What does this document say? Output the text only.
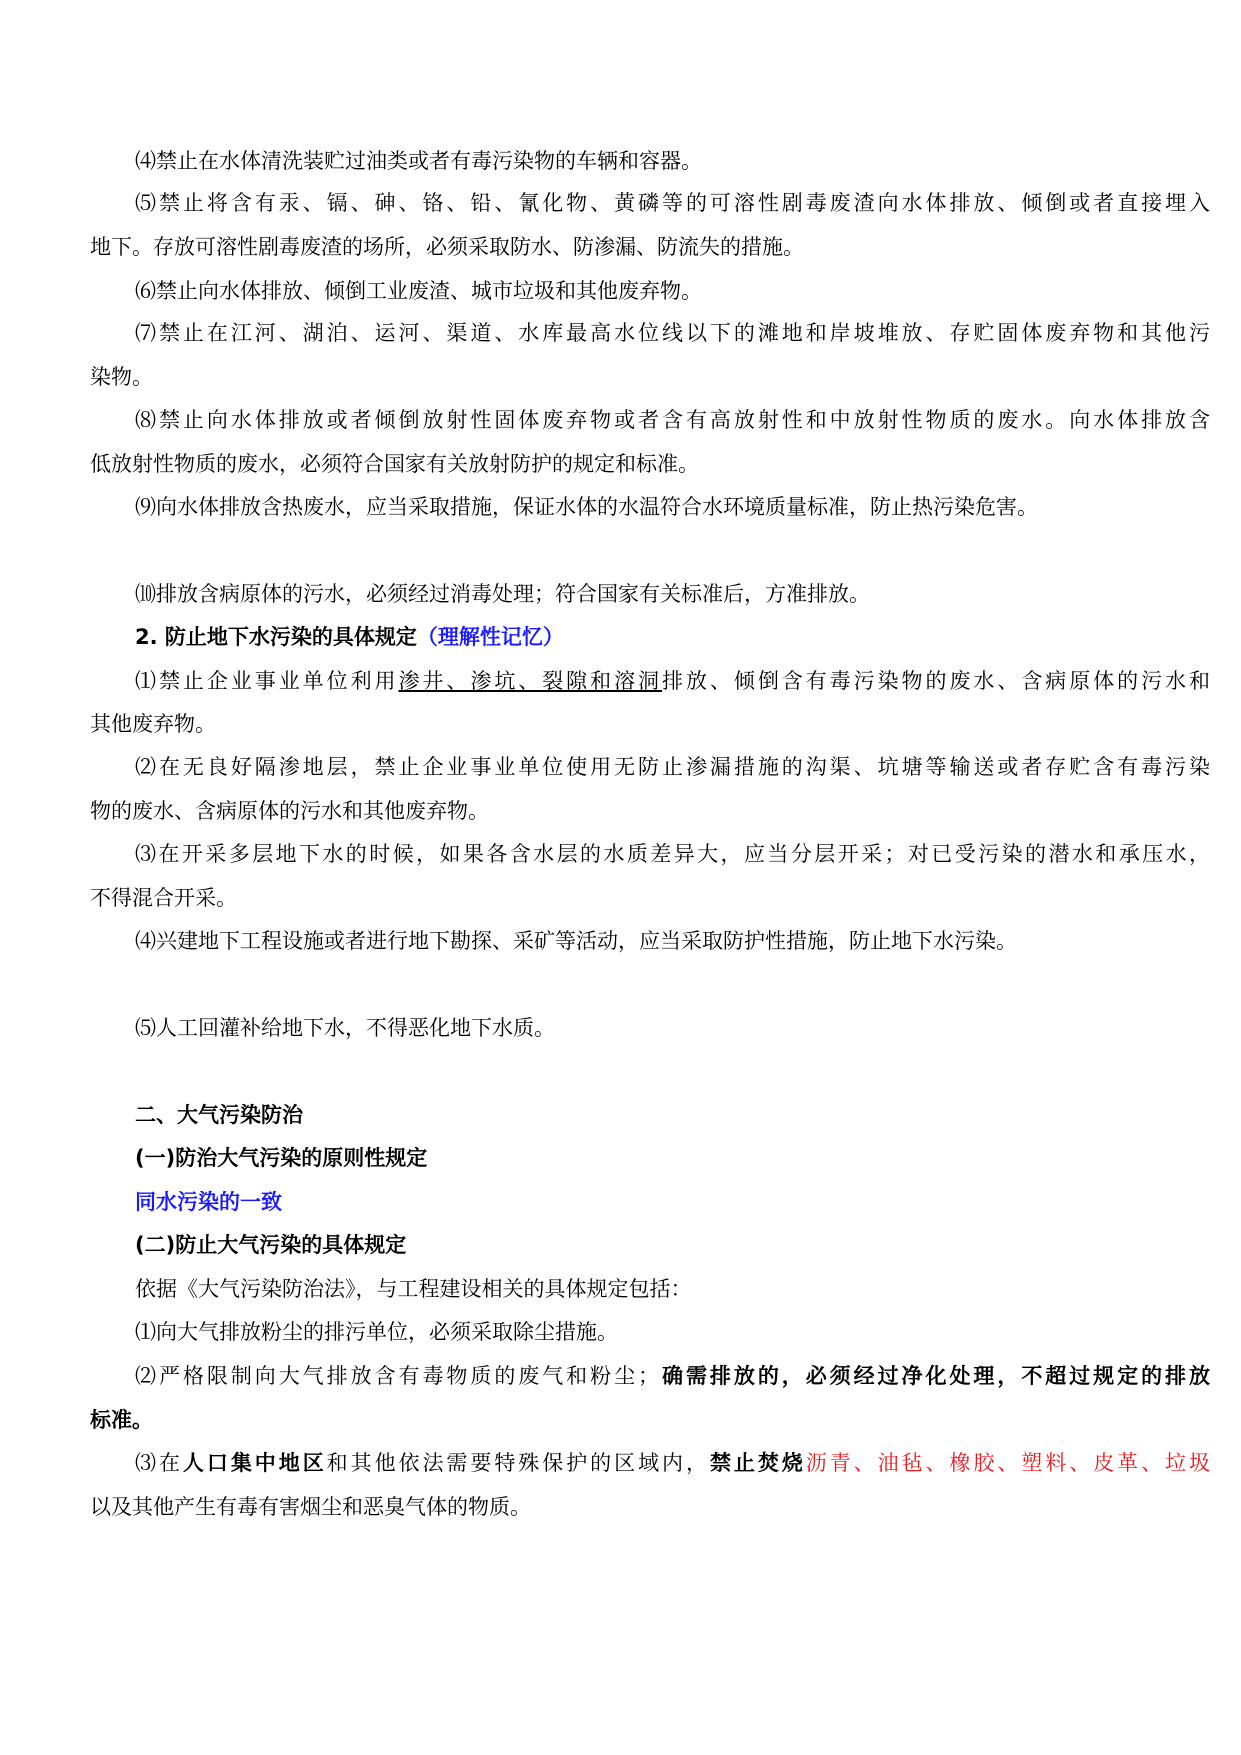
⑷禁止在水体清洗装贮过油类或者有毒污染物的车辆和容器。
⑸禁止将含有汞、镉、砷、铬、铅、氰化物、黄磷等的可溶性剧毒废渣向水体排放、倾倒或者直接埋入
地下。存放可溶性剧毒废渣的场所，必须采取防水、防渗漏、防流失的措施。
⑹禁止向水体排放、倾倒工业废渣、城市垃圾和其他废弃物。
⑺禁止在江河、湖泊、运河、渠道、水库最高水位线以下的滩地和岸坡堆放、存贮固体废弃物和其他污
染物。
⑻禁止向水体排放或者倾倒放射性固体废弃物或者含有高放射性和中放射性物质的废水。向水体排放含
低放射性物质的废水，必须符合国家有关放射防护的规定和标准。
⑼向水体排放含热废水，应当采取措施，保证水体的水温符合水环境质量标准，防止热污染危害。
⑽排放含病原体的污水，必须经过消毒处理；符合国家有关标准后，方准排放。
2. 防止地下水污染的具体规定（理解性记忆）
⑴禁止企业事业单位利用渗井、渗坑、裂隙和溶洞排放、倾倒含有毒污染物的废水、含病原体的污水和
其他废弃物。
⑵在无良好隔渗地层，禁止企业事业单位使用无防止渗漏措施的沟渠、坑塘等输送或者存贮含有毒污染
物的废水、含病原体的污水和其他废弃物。
⑶在开采多层地下水的时候，如果各含水层的水质差异大，应当分层开采；对已受污染的潜水和承压水，
不得混合开采。
⑷兴建地下工程设施或者进行地下勘探、采矿等活动，应当采取防护性措施，防止地下水污染。
⑸人工回灌补给地下水，不得恶化地下水质。
二、大气污染防治
(一)防治大气污染的原则性规定
同水污染的一致
(二)防止大气污染的具体规定
依据《大气污染防治法》，与工程建设相关的具体规定包括：
⑴向大气排放粉尘的排污单位，必须采取除尘措施。
⑵严格限制向大气排放含有毒物质的废气和粉尘；确需排放的，必须经过净化处理，不超过规定的排放
标准。
⑶在人口集中地区和其他依法需要特殊保护的区域内，禁止焚烧沥青、油毡、橡胶、塑料、皮革、垃圾
以及其他产生有毒有害烟尘和恶臭气体的物质。
